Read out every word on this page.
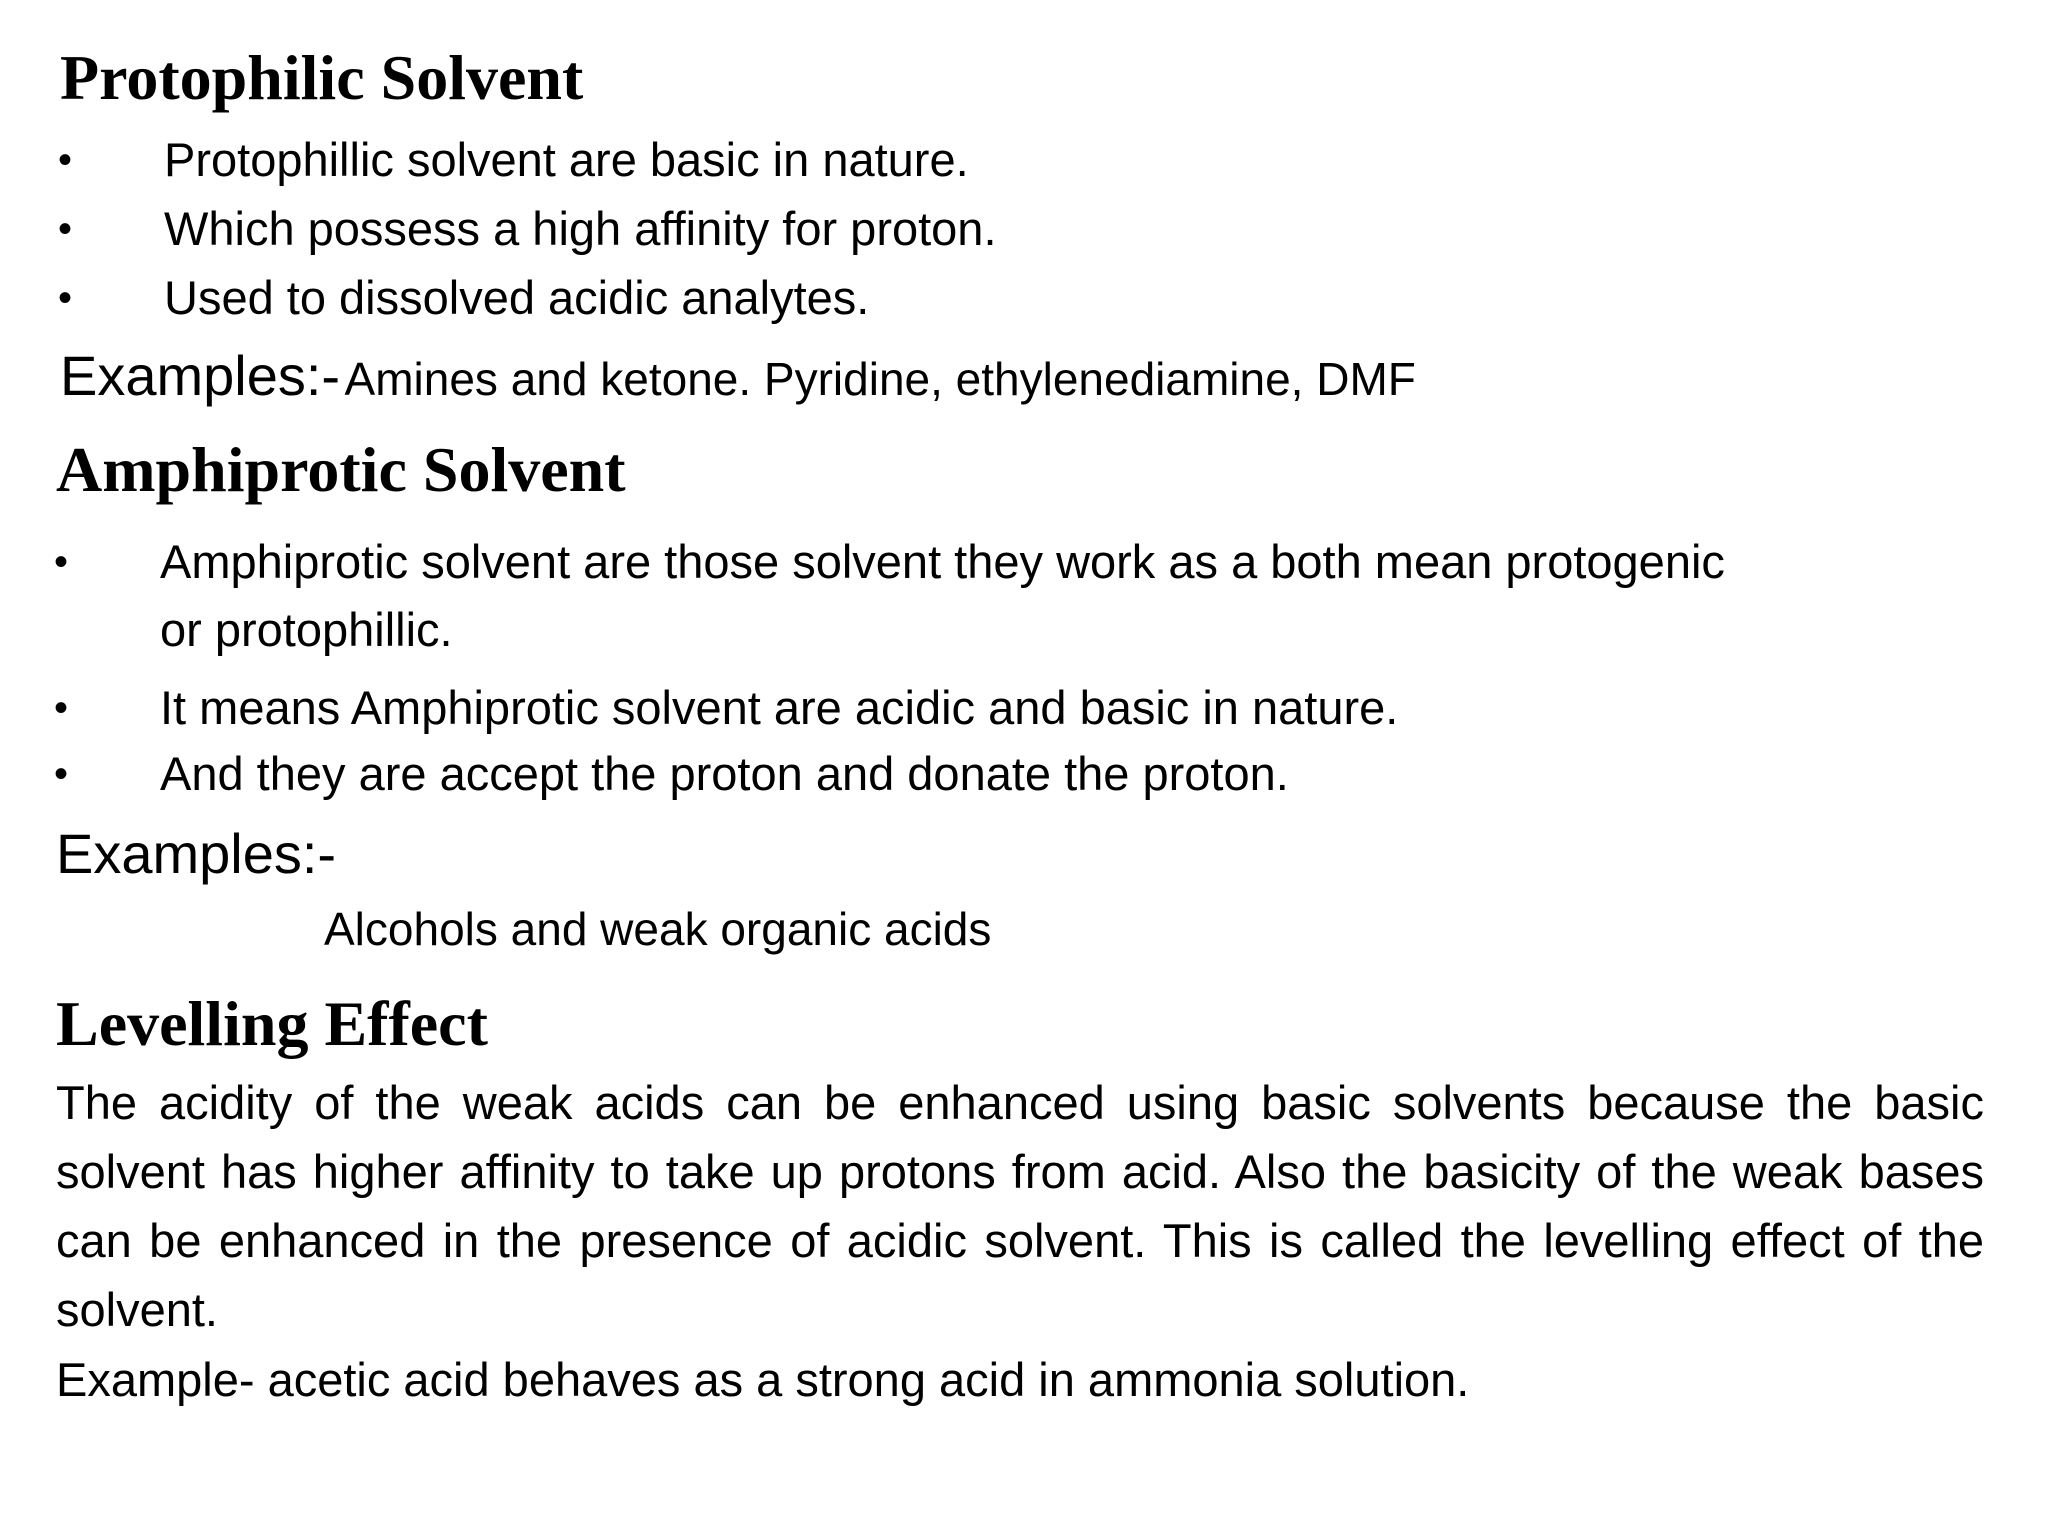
Protophilic Solvent
• Protophillic solvent are basic in nature.
• Which possess a high affinity for proton.
• Used to dissolved acidic analytes.
Examples:- Amines and ketone. Pyridine, ethylenediamine, DMF
Amphiprotic Solvent
• Amphiprotic solvent are those solvent they work as a both mean protogenic
or protophillic.
• It means Amphiprotic solvent are acidic and basic in nature.
• And they are accept the proton and donate the proton.
Examples:-
Alcohols and weak organic acids
Levelling Effect

The acidity of the weak acids can be enhanced using basic solvents because the basic solvent has higher affinity to take up protons from acid. Also the basicity of the weak bases can be enhanced in the presence of acidic solvent. This is called the levelling effect of the solvent.

Example- acetic acid behaves as a strong acid in ammonia solution.
